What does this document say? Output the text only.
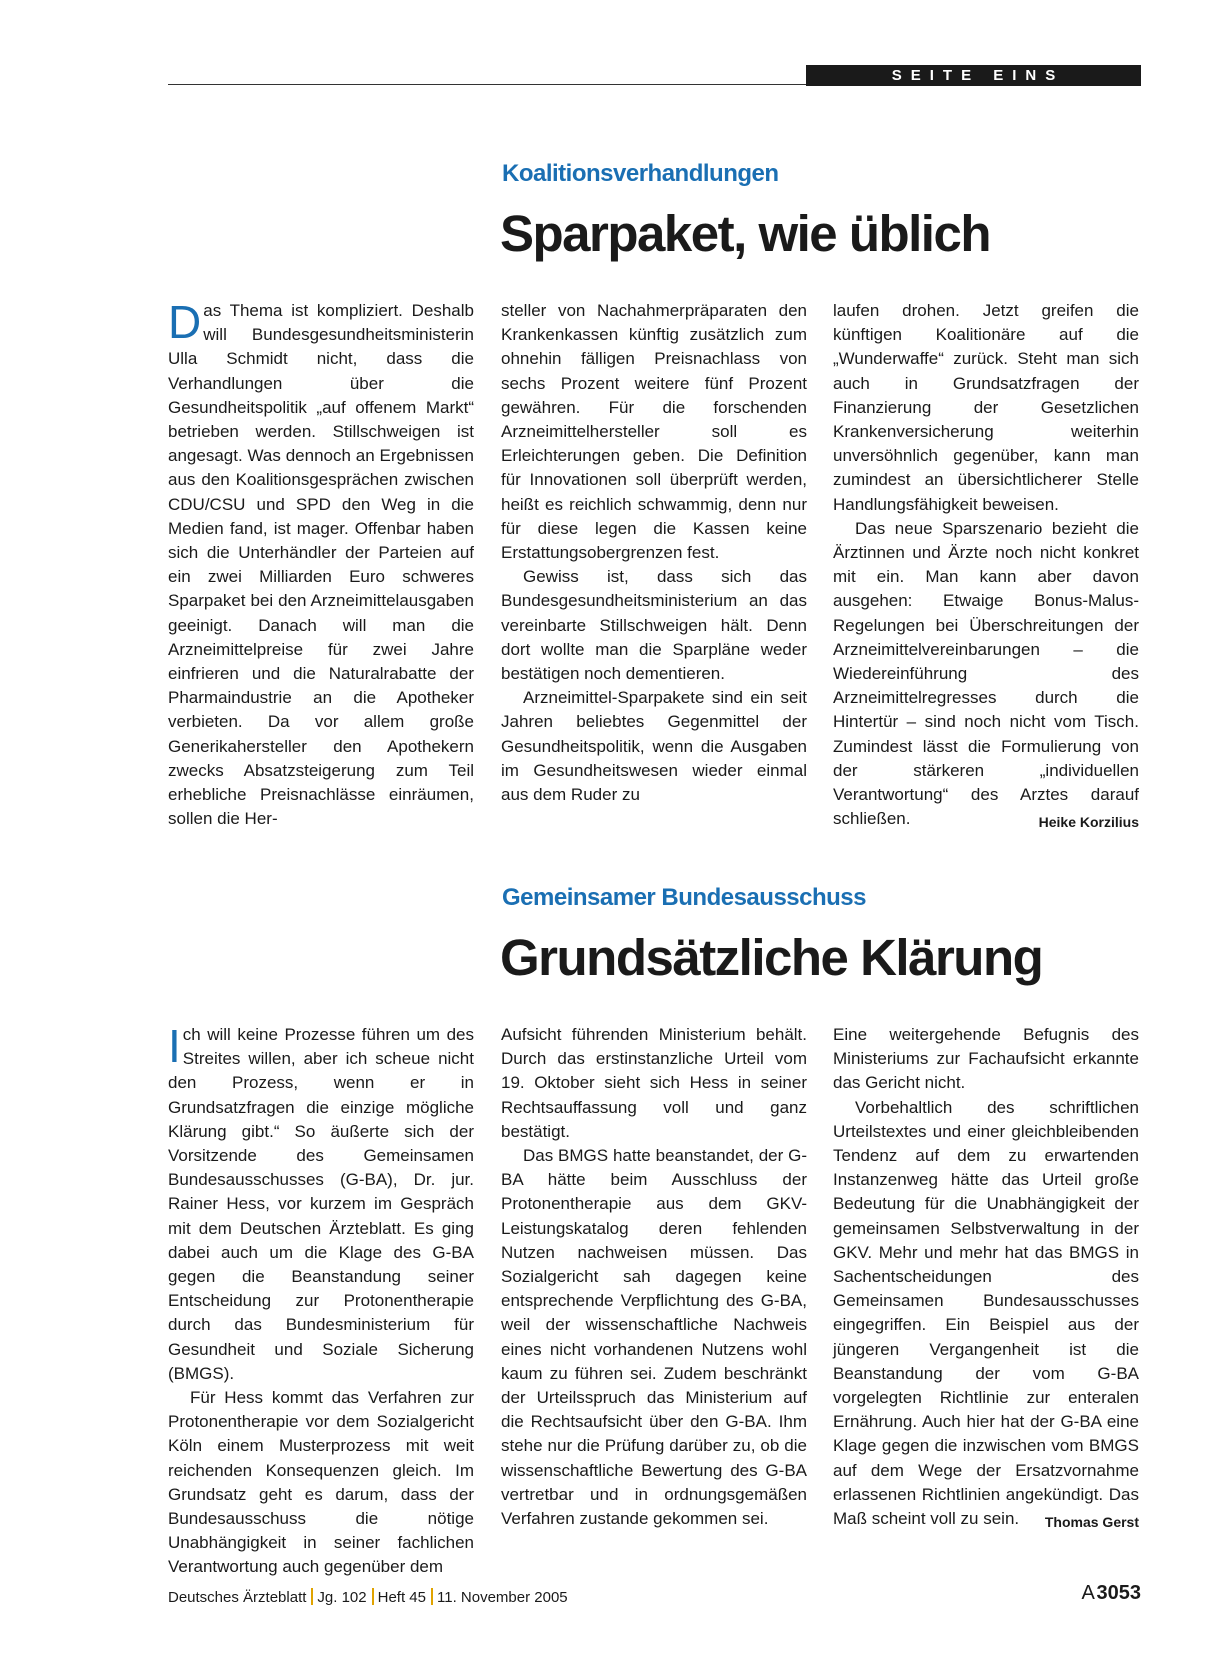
SEITE EINS
Koalitionsverhandlungen
Sparpaket, wie üblich

Das Thema ist kompliziert. Deshalb will Bundesgesundheitsministerin Ulla Schmidt nicht, dass die Verhandlungen über die Gesundheitspolitik „auf offenem Markt“ betrieben werden. Stillschweigen ist angesagt. Was dennoch an Ergebnissen aus den Koalitionsgesprächen zwischen CDU/CSU und SPD den Weg in die Medien fand, ist mager. Offenbar haben sich die Unterhändler der Parteien auf ein zwei Milliarden Euro schweres Sparpaket bei den Arzneimittelausgaben geeinigt. Danach will man die Arzneimittelpreise für zwei Jahre einfrieren und die Naturalrabatte der Pharmaindustrie an die Apotheker verbieten. Da vor allem große Generikahersteller den Apothekern zwecks Absatzsteigerung zum Teil erhebliche Preisnachlässe einräumen, sollen die Her-

steller von Nachahmerpräparaten den Krankenkassen künftig zusätzlich zum ohnehin fälligen Preisnachlass von sechs Prozent weitere fünf Prozent gewähren. Für die forschenden Arzneimittelhersteller soll es Erleichterungen geben. Die Definition für Innovationen soll überprüft werden, heißt es reichlich schwammig, denn nur für diese legen die Kassen keine Erstattungsobergrenzen fest.

Gewiss ist, dass sich das Bundesgesundheitsministerium an das vereinbarte Stillschweigen hält. Denn dort wollte man die Sparpläne weder bestätigen noch dementieren.

Arzneimittel-Sparpakete sind ein seit Jahren beliebtes Gegenmittel der Gesundheitspolitik, wenn die Ausgaben im Gesundheitswesen wieder einmal aus dem Ruder zu

laufen drohen. Jetzt greifen die künftigen Koalitionäre auf die „Wunderwaffe“ zurück. Steht man sich auch in Grundsatzfragen der Finanzierung der Gesetzlichen Krankenversicherung weiterhin unversöhnlich gegenüber, kann man zumindest an übersichtlicherer Stelle Handlungsfähigkeit beweisen.

Das neue Sparszenario bezieht die Ärztinnen und Ärzte noch nicht konkret mit ein. Man kann aber davon ausgehen: Etwaige Bonus-Malus-Regelungen bei Überschreitungen der Arzneimittelvereinbarungen – die Wiedereinführung des Arzneimittelregresses durch die Hintertür – sind noch nicht vom Tisch. Zumindest lässt die Formulierung von der stärkeren „individuellen Verantwortung“ des Arztes darauf schließen.	Heike Korzilius

Gemeinsamer Bundesausschuss
Grundsätzliche Klärung

Ich will keine Prozesse führen um des Streites willen, aber ich scheue nicht den Prozess, wenn er in Grundsatzfragen die einzige mögliche Klärung gibt.“ So äußerte sich der Vorsitzende des Gemeinsamen Bundesausschusses (G-BA), Dr. jur. Rainer Hess, vor kurzem im Gespräch mit dem Deutschen Ärzteblatt. Es ging dabei auch um die Klage des G-BA gegen die Beanstandung seiner Entscheidung zur Protonentherapie durch das Bundesministerium für Gesundheit und Soziale Sicherung (BMGS).

Für Hess kommt das Verfahren zur Protonentherapie vor dem Sozialgericht Köln einem Musterprozess mit weit reichenden Konsequenzen gleich. Im Grundsatz geht es darum, dass der Bundesausschuss die nötige Unabhängigkeit in seiner fachlichen Verantwortung auch gegenüber dem

Aufsicht führenden Ministerium behält. Durch das erstinstanzliche Urteil vom 19. Oktober sieht sich Hess in seiner Rechtsauffassung voll und ganz bestätigt.

Das BMGS hatte beanstandet, der G-BA hätte beim Ausschluss der Protonentherapie aus dem GKV-Leistungskatalog deren fehlenden Nutzen nachweisen müssen. Das Sozialgericht sah dagegen keine entsprechende Verpflichtung des G-BA, weil der wissenschaftliche Nachweis eines nicht vorhandenen Nutzens wohl kaum zu führen sei. Zudem beschränkt der Urteilsspruch das Ministerium auf die Rechtsaufsicht über den G-BA. Ihm stehe nur die Prüfung darüber zu, ob die wissenschaftliche Bewertung des G-BA vertretbar und in ordnungsgemäßen Verfahren zustande gekommen sei.

Eine weitergehende Befugnis des Ministeriums zur Fachaufsicht erkannte das Gericht nicht.

Vorbehaltlich des schriftlichen Urteilstextes und einer gleichbleibenden Tendenz auf dem zu erwartenden Instanzenweg hätte das Urteil große Bedeutung für die Unabhängigkeit der gemeinsamen Selbstverwaltung in der GKV. Mehr und mehr hat das BMGS in Sachentscheidungen des Gemeinsamen Bundesausschusses eingegriffen. Ein Beispiel aus der jüngeren Vergangenheit ist die Beanstandung der vom G-BA vorgelegten Richtlinie zur enteralen Ernährung. Auch hier hat der G-BA eine Klage gegen die inzwischen vom BMGS auf dem Wege der Ersatzvornahme erlassenen Richtlinien angekündigt. Das Maß scheint voll zu sein.	Thomas Gerst

Deutsches Ärzteblatt Jg. 102 Heft 45 11. November 2005	A 3053
